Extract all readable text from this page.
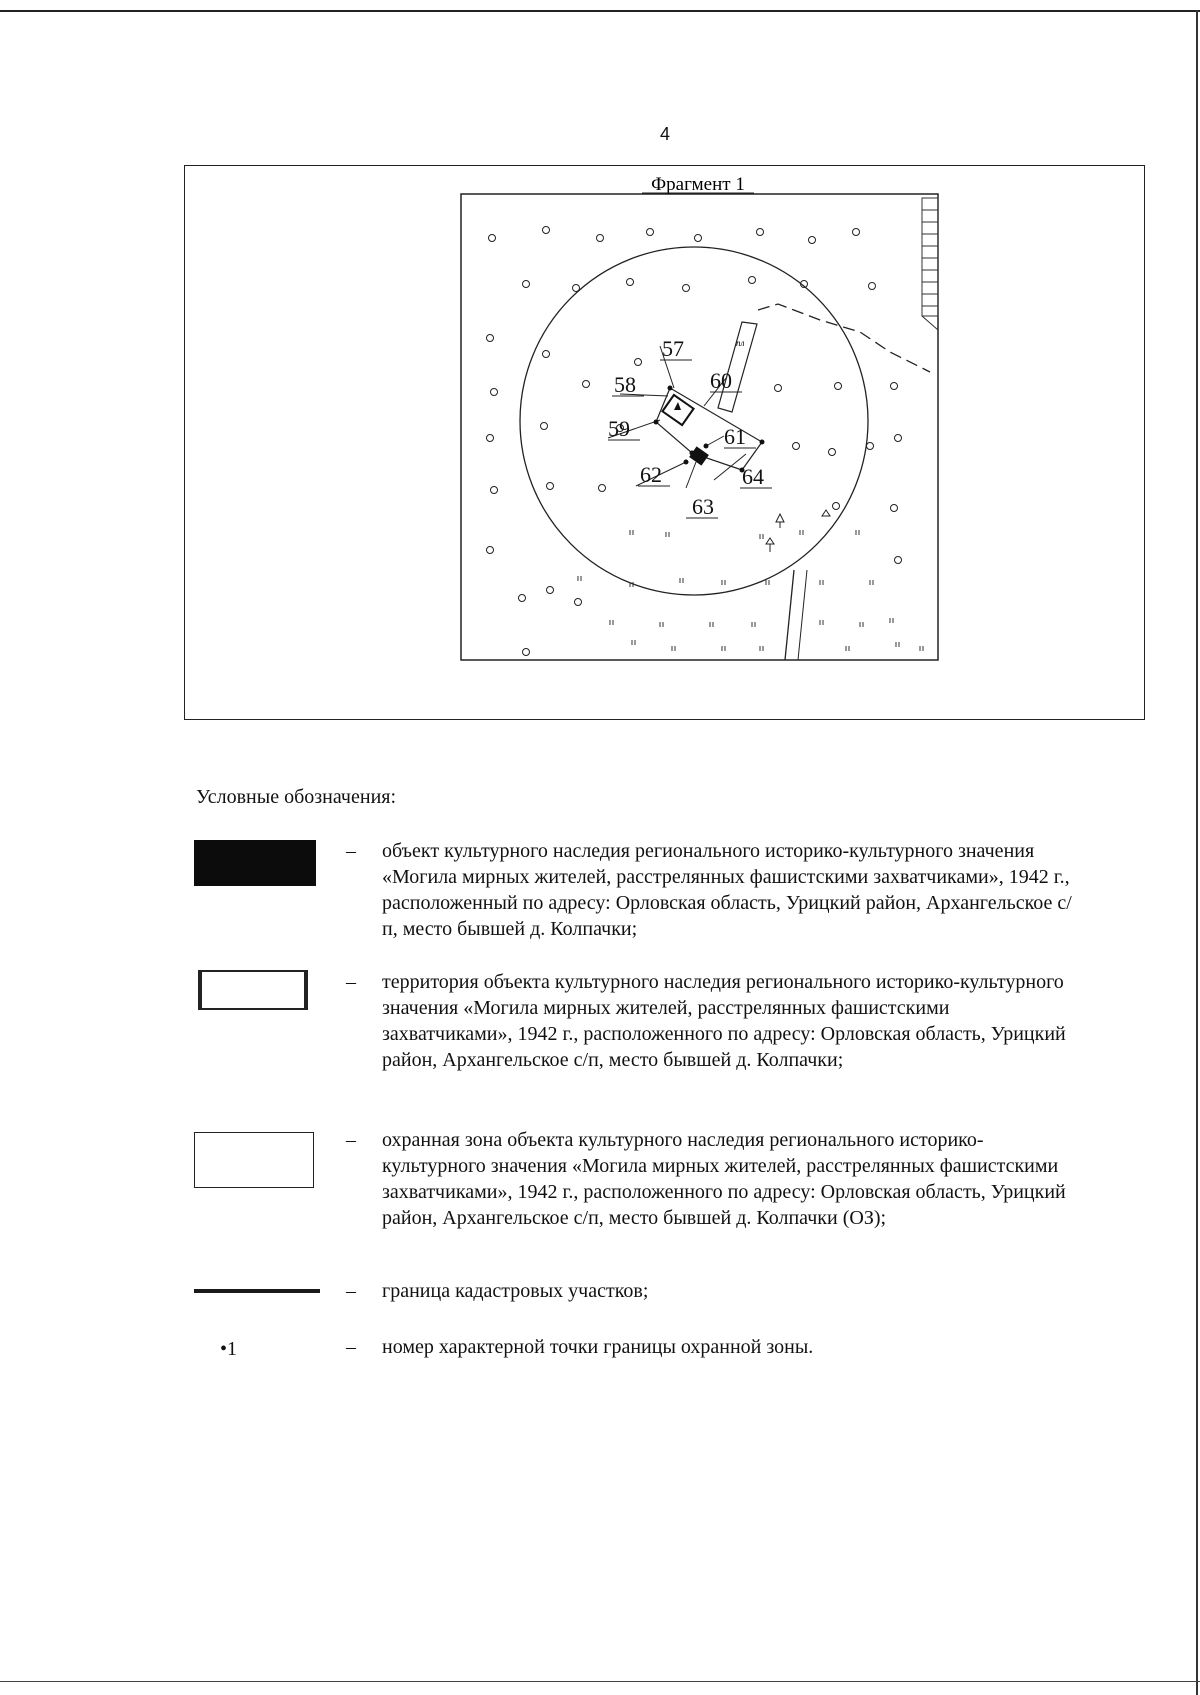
4
Фрагмент 1
пл
57
58
59
60
61
62
63
64
Условные обозначения:
– объект культурного наследия регионального историко-культурного значения «Могила мирных жителей, расстрелянных фашистскими захватчиками», 1942 г., расположенный по адресу: Орловская область, Урицкий район, Архангельское с/п, место бывшей д. Колпачки;
– территория объекта культурного наследия регионального историко-культурного значения «Могила мирных жителей, расстрелянных фашистскими захватчиками», 1942 г., расположенного по адресу: Орловская область, Урицкий район, Архангельское с/п, место бывшей д. Колпачки;
– охранная зона объекта культурного наследия регионального историко-культурного значения «Могила мирных жителей, расстрелянных фашистскими захватчиками», 1942 г., расположенного по адресу: Орловская область, Урицкий район, Архангельское с/п, место бывшей д. Колпачки (ОЗ);
– граница кадастровых участков;
•1	– номер характерной точки границы охранной зоны.
